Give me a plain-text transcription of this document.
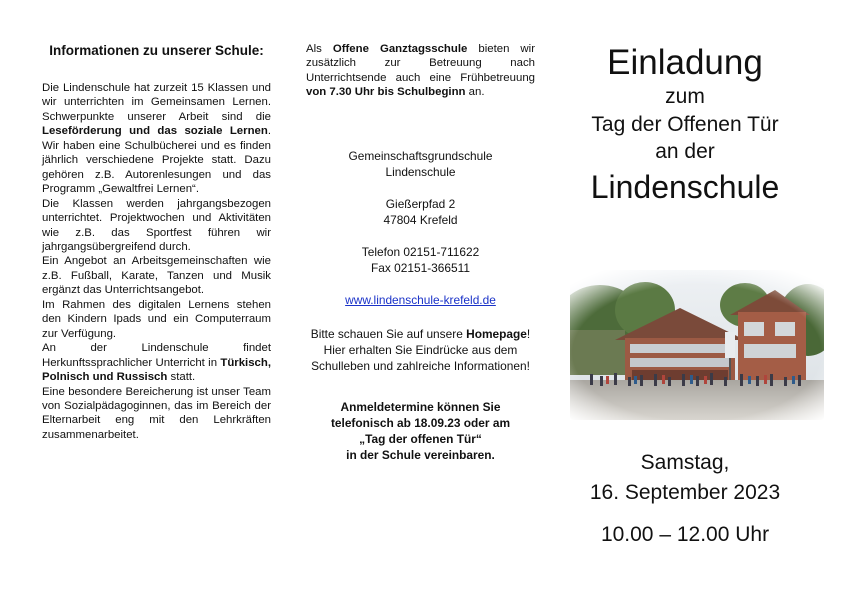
Informationen zu unserer Schule:

Die Lindenschule hat zurzeit 15 Klassen und wir unterrichten im Gemeinsamen Lernen. Schwerpunkte unserer Arbeit sind die Leseförderung und das soziale Lernen. Wir haben eine Schulbücherei und es finden jährlich verschiedene Projekte statt. Dazu gehören z.B. Autorenlesungen und das Programm „Gewaltfrei Lernen“.

Die Klassen werden jahrgangsbezogen unterrichtet. Projektwochen und Aktivitäten wie z.B. das Sportfest führen wir jahrgangsübergreifend durch.

Ein Angebot an Arbeitsgemeinschaften wie z.B. Fußball, Karate, Tanzen und Musik ergänzt das Unterrichtsangebot.

Im Rahmen des digitalen Lernens stehen den Kindern Ipads und ein Computerraum zur Verfügung.

An der Lindenschule findet Herkunftssprachlicher Unterricht in Türkisch, Polnisch und Russisch statt.

Eine besondere Bereicherung ist unser Team von Sozialpädagoginnen, das im Bereich der Elternarbeit eng mit den Lehrkräften zusammenarbeitet.

Als Offene Ganztagsschule bieten wir zusätzlich zur Betreuung nach Unterrichtsende auch eine Frühbetreuung von 7.30 Uhr bis Schulbeginn an.
Gemeinschaftsgrundschule
Lindenschule
Gießerpfad 2
47804 Krefeld
Telefon 02151-711622
Fax 02151-366511
www.lindenschule-krefeld.de
Bitte schauen Sie auf unsere Homepage! Hier erhalten Sie Eindrücke aus dem Schulleben und zahlreiche Informationen!
Anmeldetermine können Sie
telefonisch ab 18.09.23 oder am
„Tag der offenen Tür“
in der Schule vereinbaren.
Einladung
zum
Tag der Offenen Tür
an der
Lindenschule
Samstag,
16. September 2023
10.00 – 12.00 Uhr
